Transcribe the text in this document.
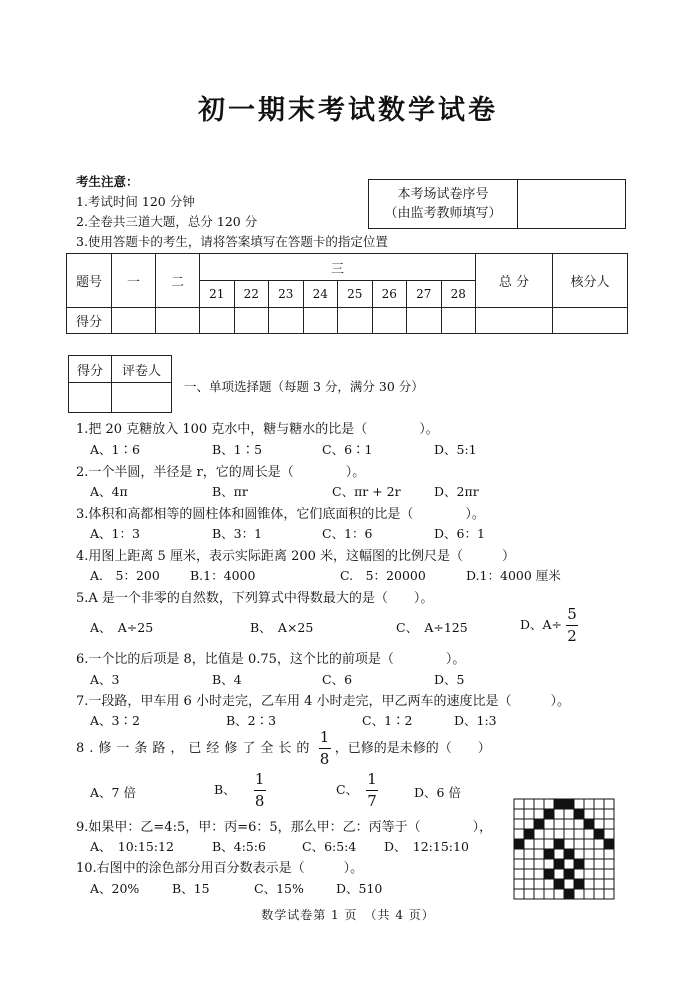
初一期末考试数学试卷
考生注意：
1.考试时间 120 分钟
2.全卷共三道大题，总分 120 分
3.使用答题卡的考生，请将答案填写在答题卡的指定位置
本考场试卷序号
（由监考教师填写）

题号	一	二	三								总 分	核分人
			21	22	23	24	25	26	27	28		
得分												
得分	评卷人

一、单项选择题（每题 3 分，满分 30 分）
1.把 20 克糖放入 100 克水中，糖与糖水的比是（　　　　）。
A、1∶6	B、1∶5	C、6∶1	D、5:1
2.一个半圆，半径是 r，它的周长是（　　　　）。
A、4π	B、πr	C、πr + 2r	D、2πr
3.体积和高都相等的圆柱体和圆锥体，它们底面积的比是（　　　　）。
A、1：3	B、3：1	C、1：6	D、6：1
4.用图上距离 5 厘米，表示实际距离 200 米，这幅图的比例尺是（　　　）
A.　5：200 B.1：4000	C.　5：20000	D.1：4000 厘米
5.A 是一个非零的自然数，下列算式中得数最大的是（　　）。
A、　A÷25	B、　A×25	C、　A÷125	D、$A\div \frac{5}{2}$
6.一个比的后项是 8，比值是 0.75，这个比的前项是（　　　　）。
A、3	B、4	C、6	D、5
7.一段路，甲车用 6 小时走完，乙车用 4 小时走完，甲乙两车的速度比是（　　　）。
A、3∶2	B、2∶3	C、1∶2	D、1:3
8.修一条路，已经修了全长的 $\frac{1}{8}$ ，已修的是未修的（　　）
A、7 倍	B、 $\frac{1}{8}$	C、 $\frac{1}{7}$	D、6 倍
9.如果甲：乙=4:5，甲：丙=6：5，那么甲：乙：丙等于（　　　　），
A、　10:15:12	B、4:5:6	C、6:5:4 D、　12:15:10
10.右图中的涂色部分用百分数表示是（　　　）。
A、20%	B、15	C、15%	D、510
数学试卷第 1 页　（共 4 页）
